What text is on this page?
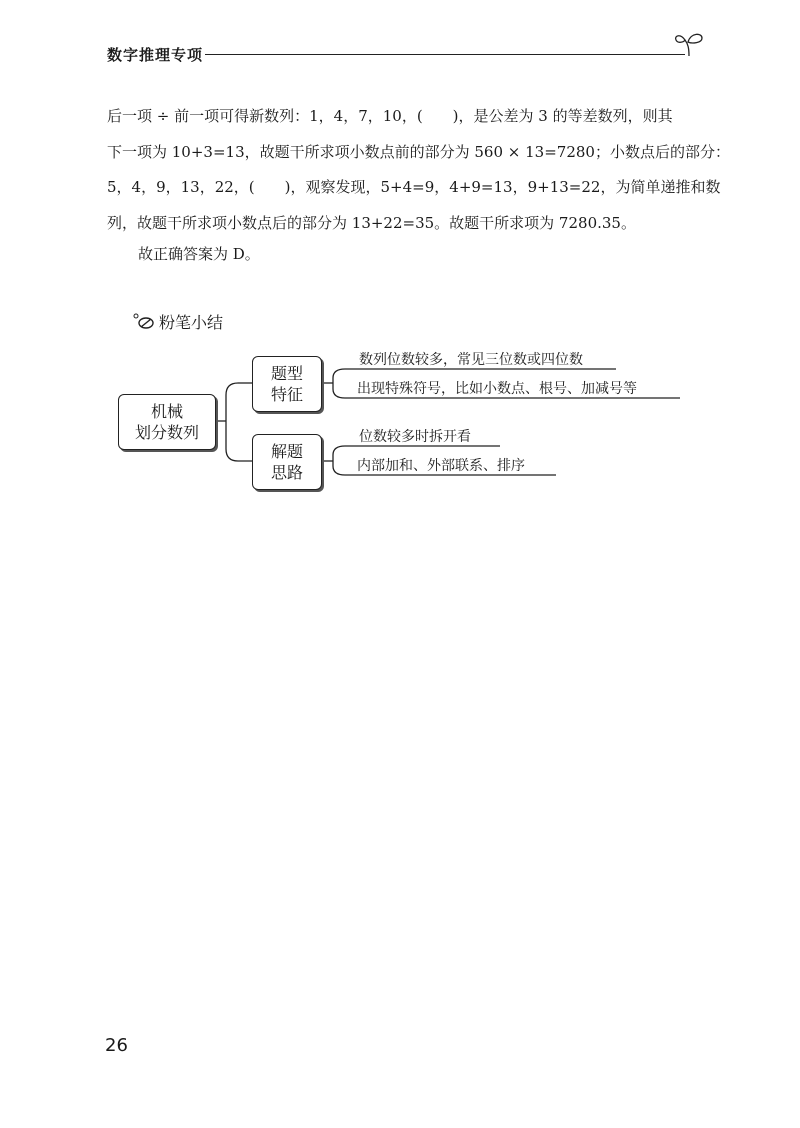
数字推理专项
后一项 ÷ 前一项可得新数列：1，4，7，10，(　　)，是公差为 3 的等差数列，则其
下一项为 10+3=13，故题干所求项小数点前的部分为 560 × 13=7280；小数点后的部分：
5，4，9，13，22，(　　)，观察发现，5+4=9，4+9=13，9+13=22，为简单递推和数
列，故题干所求项小数点后的部分为 13+22=35。故题干所求项为 7280.35。
故正确答案为 D。
粉笔小结
机械
划分数列
题型
特征
解题
思路
数列位数较多，常见三位数或四位数
出现特殊符号，比如小数点、根号、加减号等
位数较多时拆开看
内部加和、外部联系、排序
26
